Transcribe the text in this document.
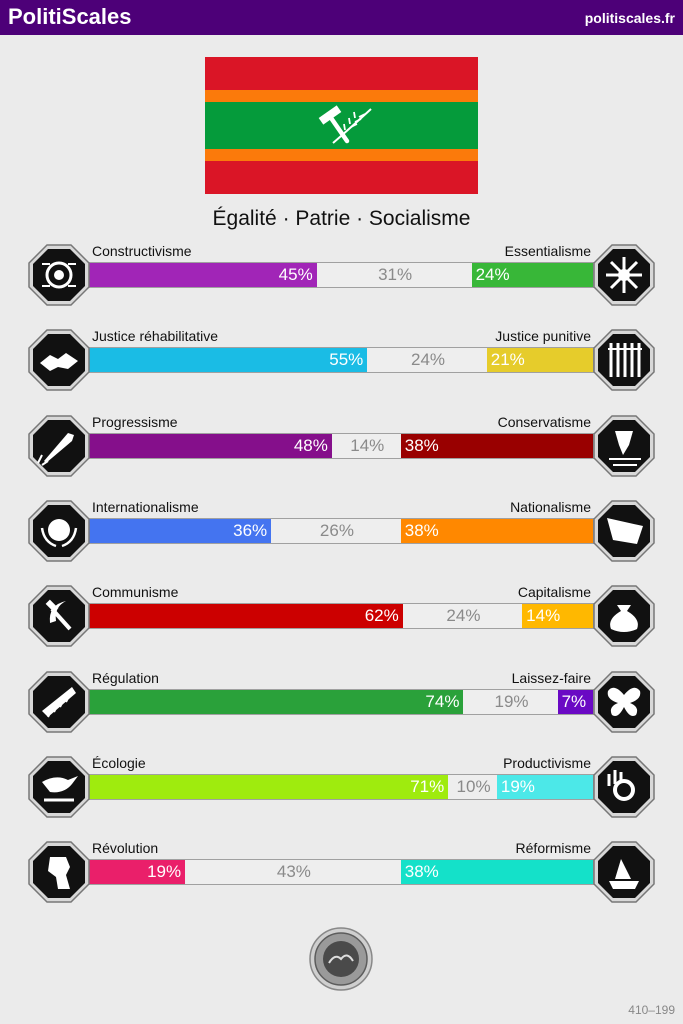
PolitiScales	politiscales.fr
Égalité · Patrie · Socialisme
Constructivisme	Essentialisme
45%	31%	24%
Justice réhabilitative	Justice punitive
55%	24%	21%
Progressisme	Conservatisme
48%	14%	38%
Internationalisme	Nationalisme
36%	26%	38%
Communisme	Capitalisme
62%	24%	14%
Régulation	Laissez-faire
74%	19%	7%
Écologie	Productivisme
71% 10% 19%
Révolution	Réformisme
19%	43%	38%
410–199
